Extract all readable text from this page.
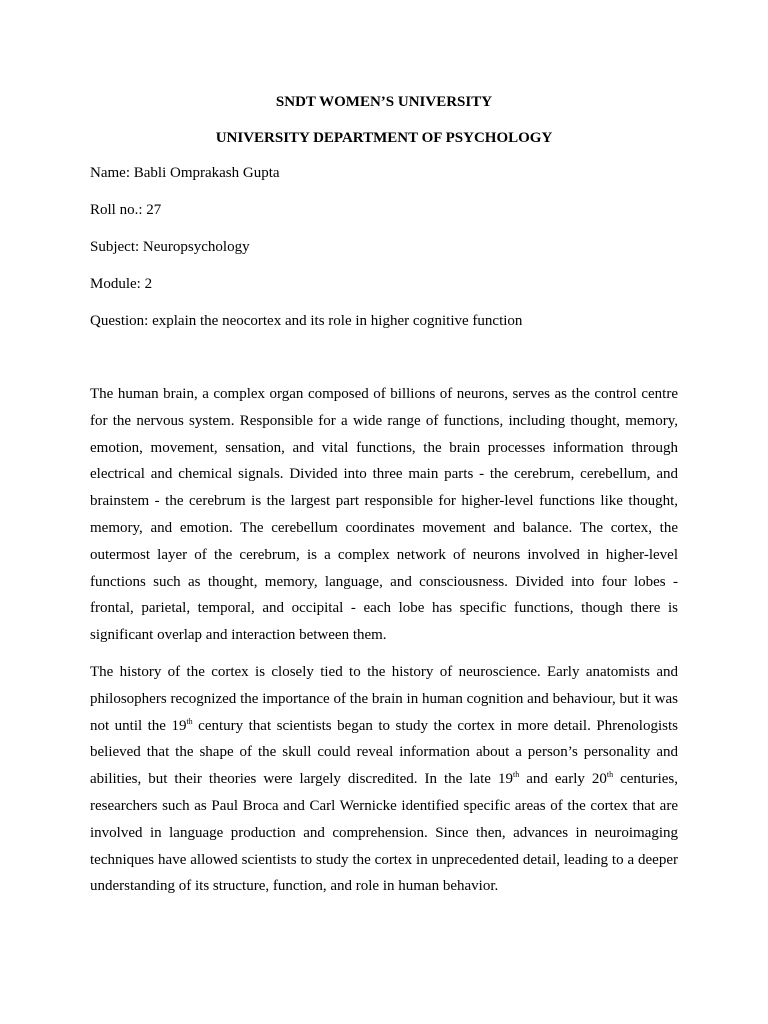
SNDT WOMEN’S UNIVERSITY

UNIVERSITY DEPARTMENT OF PSYCHOLOGY

Name: Babli Omprakash Gupta

Roll no.: 27

Subject: Neuropsychology

Module: 2

Question: explain the neocortex and its role in higher cognitive function

The human brain, a complex organ composed of billions of neurons, serves as the control centre for the nervous system. Responsible for a wide range of functions, including thought, memory, emotion, movement, sensation, and vital functions, the brain processes information through electrical and chemical signals. Divided into three main parts - the cerebrum, cerebellum, and brainstem - the cerebrum is the largest part responsible for higher-level functions like thought, memory, and emotion. The cerebellum coordinates movement and balance. The cortex, the outermost layer of the cerebrum, is a complex network of neurons involved in higher-level functions such as thought, memory, language, and consciousness. Divided into four lobes - frontal, parietal, temporal, and occipital - each lobe has specific functions, though there is significant overlap and interaction between them.

The history of the cortex is closely tied to the history of neuroscience. Early anatomists and philosophers recognized the importance of the brain in human cognition and behaviour, but it was not until the 19th century that scientists began to study the cortex in more detail. Phrenologists believed that the shape of the skull could reveal information about a person’s personality and abilities, but their theories were largely discredited. In the late 19th and early 20th centuries, researchers such as Paul Broca and Carl Wernicke identified specific areas of the cortex that are involved in language production and comprehension. Since then, advances in neuroimaging techniques have allowed scientists to study the cortex in unprecedented detail, leading to a deeper understanding of its structure, function, and role in human behavior.
